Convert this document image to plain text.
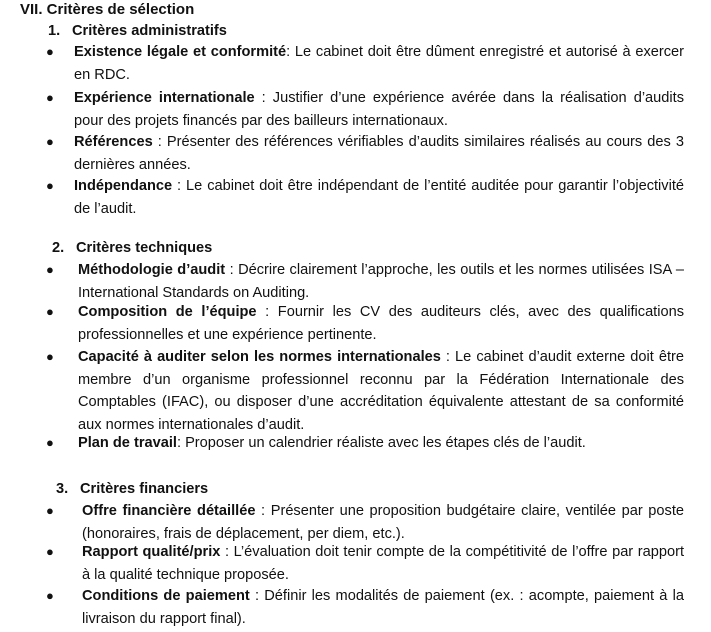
VII. Critères de sélection
1. Critères administratifs
●	Existence légale et conformité: Le cabinet doit être dûment enregistré et autorisé à exercer en RDC.
●	Expérience internationale : Justifier d’une expérience avérée dans la réalisation d’audits pour des projets financés par des bailleurs internationaux.
●	Références : Présenter des références vérifiables d’audits similaires réalisés au cours des 3 dernières années.
●	Indépendance : Le cabinet doit être indépendant de l’entité auditée pour garantir l’objectivité de l’audit.
2. Critères techniques
●	Méthodologie d’audit : Décrire clairement l’approche, les outils et les normes utilisées ISA – International Standards on Auditing.
●	Composition de l’équipe : Fournir les CV des auditeurs clés, avec des qualifications professionnelles et une expérience pertinente.
●	Capacité à auditer selon les normes internationales : Le cabinet d’audit externe doit être membre d’un organisme professionnel reconnu par la Fédération Internationale des Comptables (IFAC), ou disposer d’une accréditation équivalente attestant de sa conformité aux normes internationales d’audit.
●	Plan de travail: Proposer un calendrier réaliste avec les étapes clés de l’audit.
3. Critères financiers
●	Offre financière détaillée : Présenter une proposition budgétaire claire, ventilée par poste (honoraires, frais de déplacement, per diem, etc.).
●	Rapport qualité/prix : L’évaluation doit tenir compte de la compétitivité de l’offre par rapport à la qualité technique proposée.
●	Conditions de paiement : Définir les modalités de paiement (ex. : acompte, paiement à la livraison du rapport final).
